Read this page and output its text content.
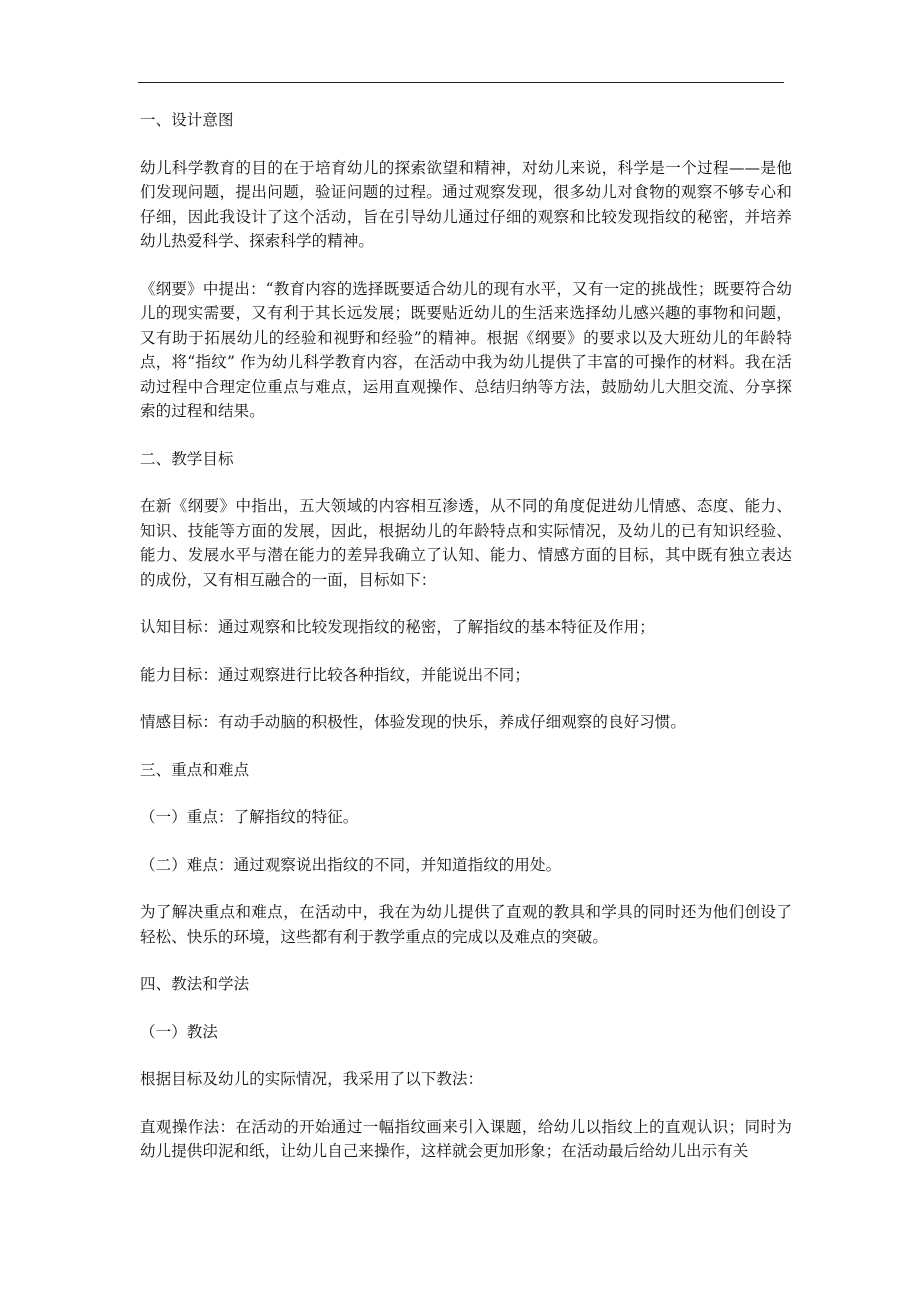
一、设计意图
幼儿科学教育的目的在于培育幼儿的探索欲望和精神，对幼儿来说，科学是一个过程——是他们发现问题，提出问题，验证问题的过程。通过观察发现，很多幼儿对食物的观察不够专心和仔细，因此我设计了这个活动，旨在引导幼儿通过仔细的观察和比较发现指纹的秘密，并培养幼儿热爱科学、探索科学的精神。
《纲要》中提出：“教育内容的选择既要适合幼儿的现有水平，又有一定的挑战性；既要符合幼儿的现实需要，又有利于其长远发展；既要贴近幼儿的生活来选择幼儿感兴趣的事物和问题，又有助于拓展幼儿的经验和视野和经验”的精神。根据《纲要》的要求以及大班幼儿的年龄特点，将“指纹” 作为幼儿科学教育内容，在活动中我为幼儿提供了丰富的可操作的材料。我在活动过程中合理定位重点与难点，运用直观操作、总结归纳等方法，鼓励幼儿大胆交流、分享探索的过程和结果。
二、教学目标
在新《纲要》中指出，五大领域的内容相互渗透，从不同的角度促进幼儿情感、态度、能力、知识、技能等方面的发展，因此，根据幼儿的年龄特点和实际情况，及幼儿的已有知识经验、能力、发展水平与潜在能力的差异我确立了认知、能力、情感方面的目标，其中既有独立表达的成份，又有相互融合的一面，目标如下：
认知目标：通过观察和比较发现指纹的秘密，了解指纹的基本特征及作用；
能力目标：通过观察进行比较各种指纹，并能说出不同；
情感目标：有动手动脑的积极性，体验发现的快乐，养成仔细观察的良好习惯。
三、重点和难点
（一）重点：了解指纹的特征。
（二）难点：通过观察说出指纹的不同，并知道指纹的用处。
为了解决重点和难点，在活动中，我在为幼儿提供了直观的教具和学具的同时还为他们创设了轻松、快乐的环境，这些都有利于教学重点的完成以及难点的突破。
四、教法和学法
（一）教法
根据目标及幼儿的实际情况，我采用了以下教法：
直观操作法：在活动的开始通过一幅指纹画来引入课题，给幼儿以指纹上的直观认识；同时为幼儿提供印泥和纸，让幼儿自己来操作，这样就会更加形象；在活动最后给幼儿出示有关
